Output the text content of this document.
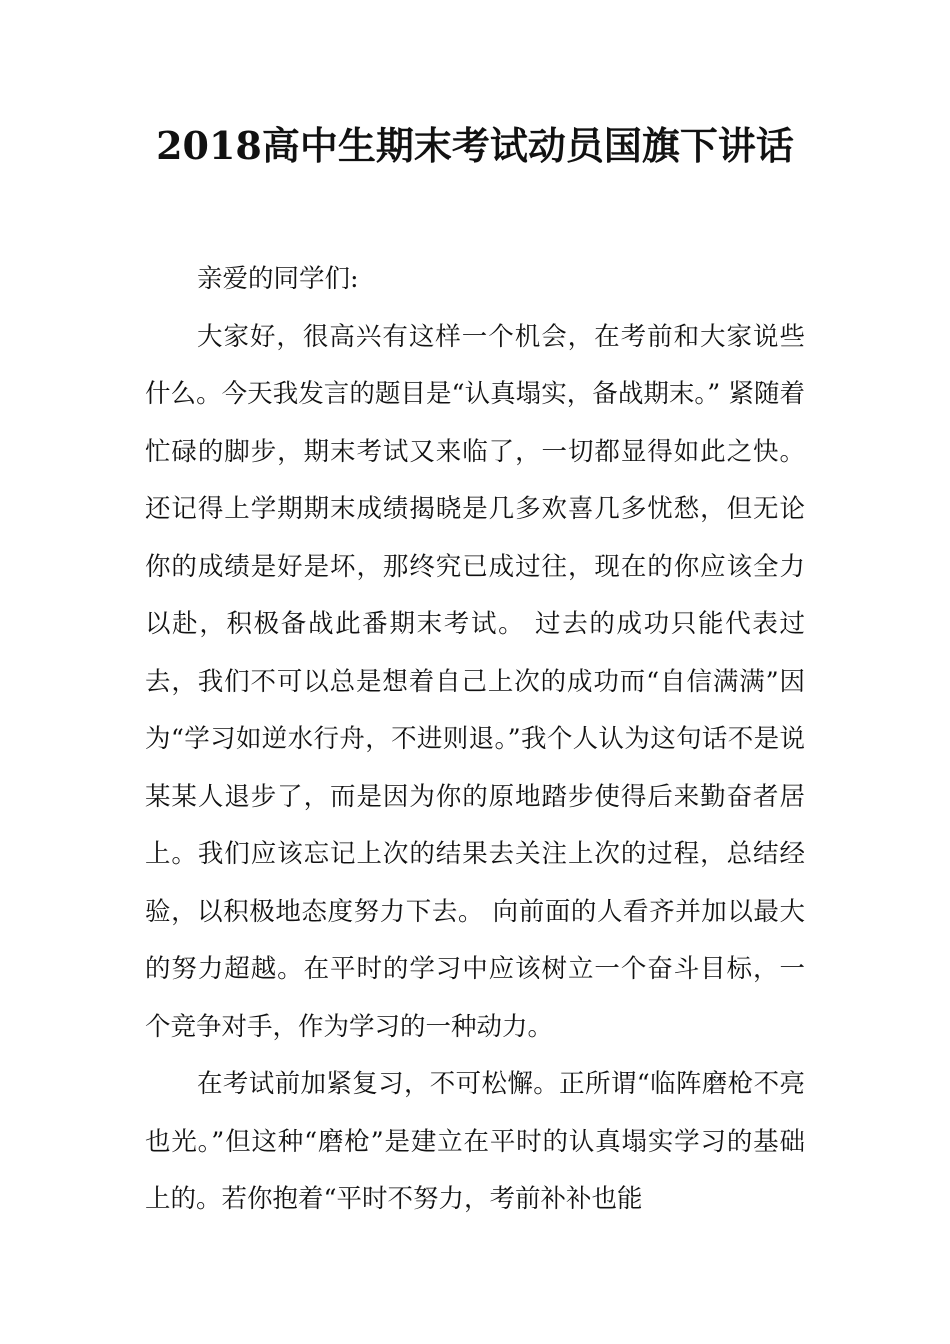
2018高中生期末考试动员国旗下讲话

亲爱的同学们:

大家好，很高兴有这样一个机会，在考前和大家说些什么。今天我发言的题目是“认真塌实，备战期末。” 紧随着忙碌的脚步，期末考试又来临了，一切都显得如此之快。还记得上学期期末成绩揭晓是几多欢喜几多忧愁，但无论你的成绩是好是坏，那终究已成过往，现在的你应该全力以赴，积极备战此番期末考试。 过去的成功只能代表过去，我们不可以总是想着自己上次的成功而“自信满满”因为“学习如逆水行舟，不进则退。”我个人认为这句话不是说某某人退步了，而是因为你的原地踏步使得后来勤奋者居上。我们应该忘记上次的结果去关注上次的过程，总结经验，以积极地态度努力下去。 向前面的人看齐并加以最大的努力超越。在平时的学习中应该树立一个奋斗目标，一个竞争对手，作为学习的一种动力。

在考试前加紧复习，不可松懈。正所谓“临阵磨枪不亮也光。”但这种“磨枪”是建立在平时的认真塌实学习的基础上的。若你抱着“平时不努力，考前补补也能
